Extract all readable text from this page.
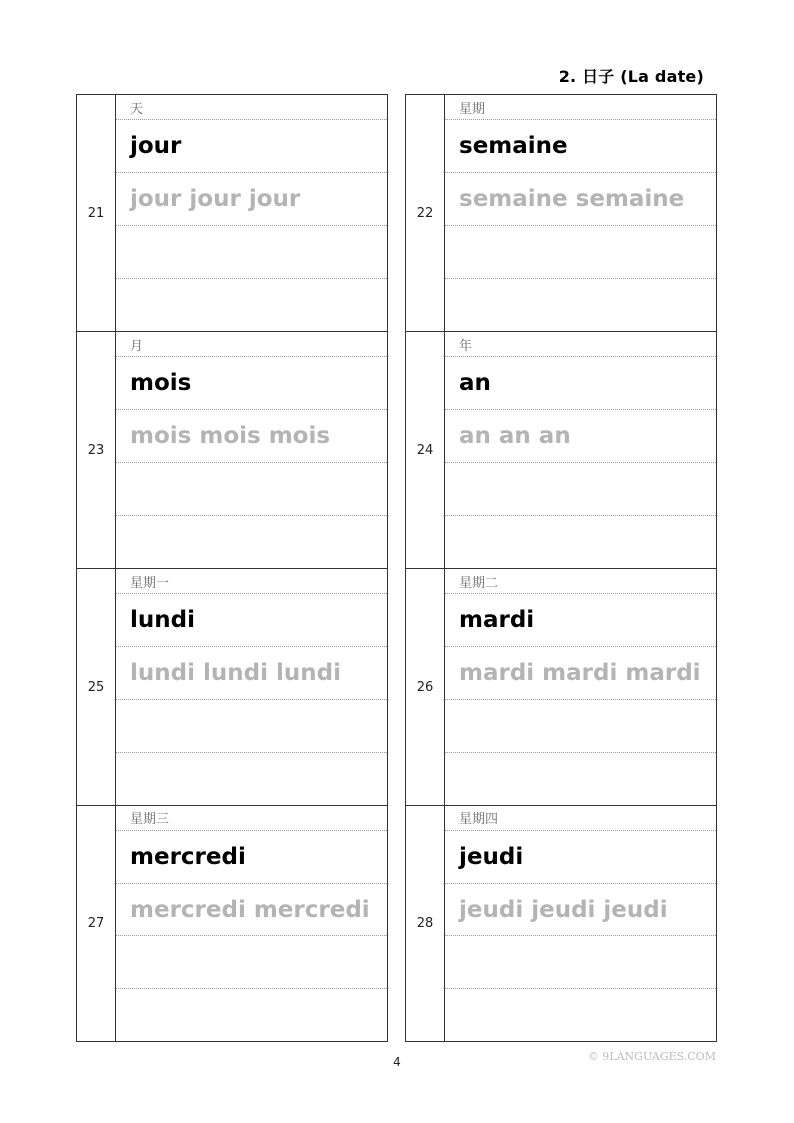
2. 日子 (La date)
21
天
jour
jour jour jour
22
星期
semaine
semaine semaine
23
月
mois
mois mois mois
24
年
an
an an an
25
星期一
lundi
lundi lundi lundi
26
星期二
mardi
mardi mardi mardi
27
星期三
mercredi
mercredi mercredi
28
星期四
jeudi
jeudi jeudi jeudi
4	© 9LANGUAGES.COM
